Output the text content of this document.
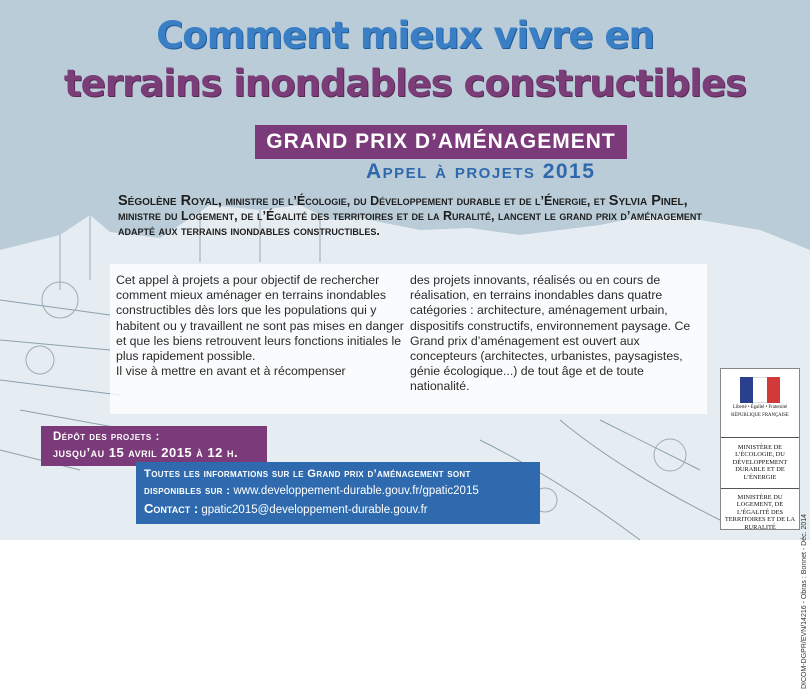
Comment mieux vivre en
terrains inondables constructibles
GRAND PRIX D’AMÉNAGEMENT
Appel à projets 2015
Ségolène Royal, ministre de l’Écologie, du Développement durable et de l’Énergie, et Sylvia Pinel, ministre du Logement, de l’Égalité des territoires et de la Ruralité, lancent le grand prix d’aménagement adapté aux terrains inondables constructibles.
Cet appel à projets a pour objectif de rechercher comment mieux aménager en terrains inondables constructibles dès lors que les populations qui y habitent ou y travaillent ne sont pas mises en danger et que les biens retrouvent leurs fonctions initiales le plus rapidement possible.
Il vise à mettre en avant et à récompenser
des projets innovants, réalisés ou en cours de réalisation, en terrains inondables dans quatre catégories : architecture, aménagement urbain, dispositifs constructifs, environnement paysage. Ce Grand prix d’aménagement est ouvert aux concepteurs (architectes, urbanistes, paysagistes, génie écologique...) de tout âge et de toute nationalité.
Dépôt des projets :
jusqu’au 15 avril 2015 à 12 h.
Toutes les informations sur le Grand prix d’aménagement sont
disponibles sur : www.developpement-durable.gouv.fr/gpatic2015
Contact : gpatic2015@developpement-durable.gouv.fr
Liberté • Égalité • Fraternité
RÉPUBLIQUE FRANÇAISE
MINISTÈRE DE L’ÉCOLOGIE, DU DÉVELOPPEMENT DURABLE ET DE L’ÉNERGIE
MINISTÈRE DU LOGEMENT, DE L’ÉGALITÉ DES TERRITOIRES ET DE LA RURALITÉ	DICOM-DGPR/EVN/14216 - Obras : Bonnet - Déc. 2014
